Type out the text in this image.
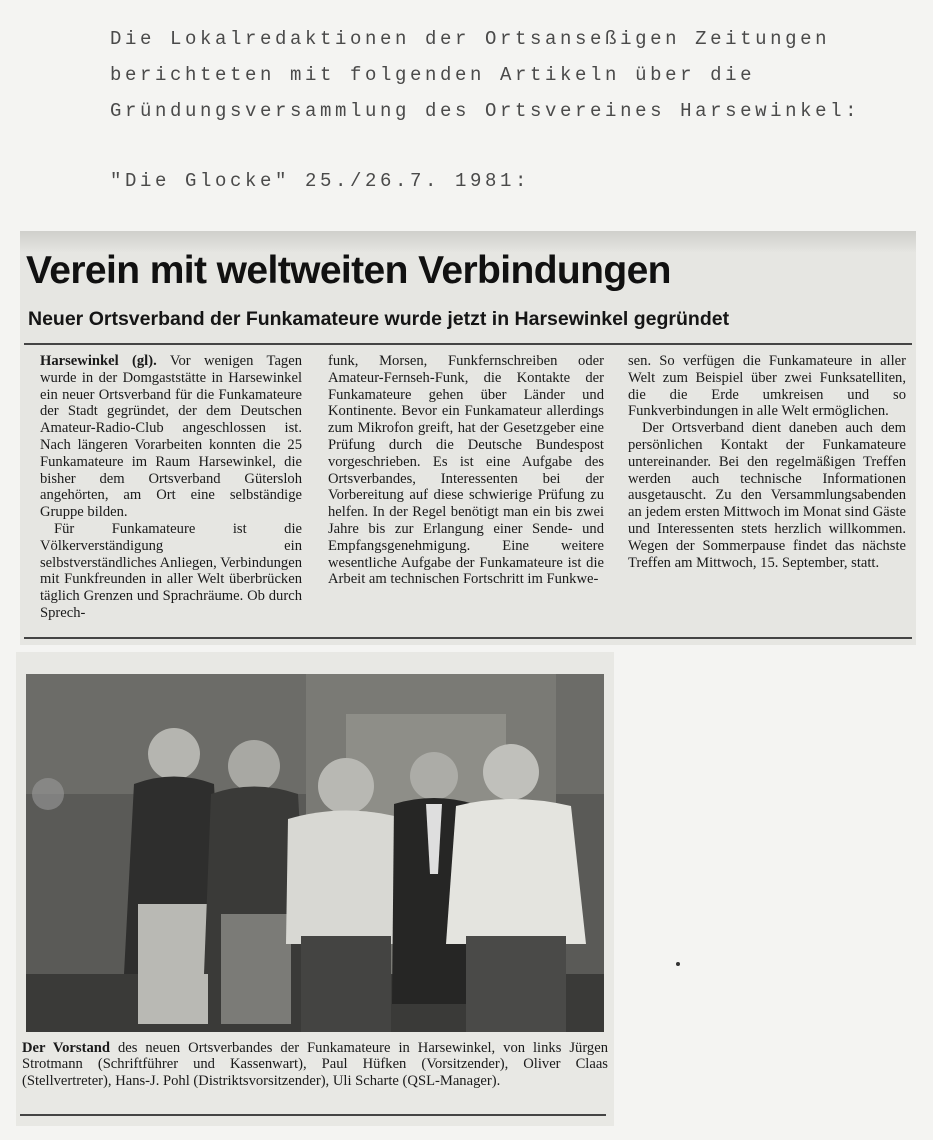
Die Lokalredaktionen der Ortsanseßigen Zeitungen

berichteten mit folgenden Artikeln über die

Gründungsversammlung des Ortsvereines Harsewinkel:

"Die Glocke" 25./26.7. 1981:

Verein mit weltweiten Verbindungen
Neuer Ortsverband der Funkamateure wurde jetzt in Harsewinkel gegründet

Harsewinkel (gl). Vor wenigen Tagen wurde in der Domgaststätte in Harsewinkel ein neuer Ortsverband für die Funkamateure der Stadt gegründet, der dem Deutschen Amateur-Radio-Club angeschlossen ist. Nach längeren Vorarbeiten konnten die 25 Funkamateure im Raum Harsewinkel, die bisher dem Ortsverband Gütersloh angehörten, am Ort eine selbständige Gruppe bilden.

Für Funkamateure ist die Völkerverständigung ein selbstverständliches Anliegen, Verbindungen mit Funkfreunden in aller Welt überbrücken täglich Grenzen und Sprachräume. Ob durch Sprech-

funk, Morsen, Funkfernschreiben oder Amateur-Fernseh-Funk, die Kontakte der Funkamateure gehen über Länder und Kontinente. Bevor ein Funkamateur allerdings zum Mikrofon greift, hat der Gesetzgeber eine Prüfung durch die Deutsche Bundespost vorgeschrieben. Es ist eine Aufgabe des Ortsverbandes, Interessenten bei der Vorbereitung auf diese schwierige Prüfung zu helfen. In der Regel benötigt man ein bis zwei Jahre bis zur Erlangung einer Sende- und Empfangsgenehmigung. Eine weitere wesentliche Aufgabe der Funkamateure ist die Arbeit am technischen Fortschritt im Funkwe-

sen. So verfügen die Funkamateure in aller Welt zum Beispiel über zwei Funksatelliten, die die Erde umkreisen und so Funkverbindungen in alle Welt ermöglichen.

Der Ortsverband dient daneben auch dem persönlichen Kontakt der Funkamateure untereinander. Bei den regelmäßigen Treffen werden auch technische Informationen ausgetauscht. Zu den Versammlungsabenden an jedem ersten Mittwoch im Monat sind Gäste und Interessenten stets herzlich willkommen. Wegen der Sommerpause findet das nächste Treffen am Mittwoch, 15. September, statt.

Der Vorstand des neuen Ortsverbandes der Funkamateure in Harsewinkel, von links Jürgen Strotmann (Schriftführer und Kassenwart), Paul Hüfken (Vorsitzender), Oliver Claas (Stellvertreter), Hans-J. Pohl (Distriktsvorsitzender), Uli Scharte (QSL-Manager).
